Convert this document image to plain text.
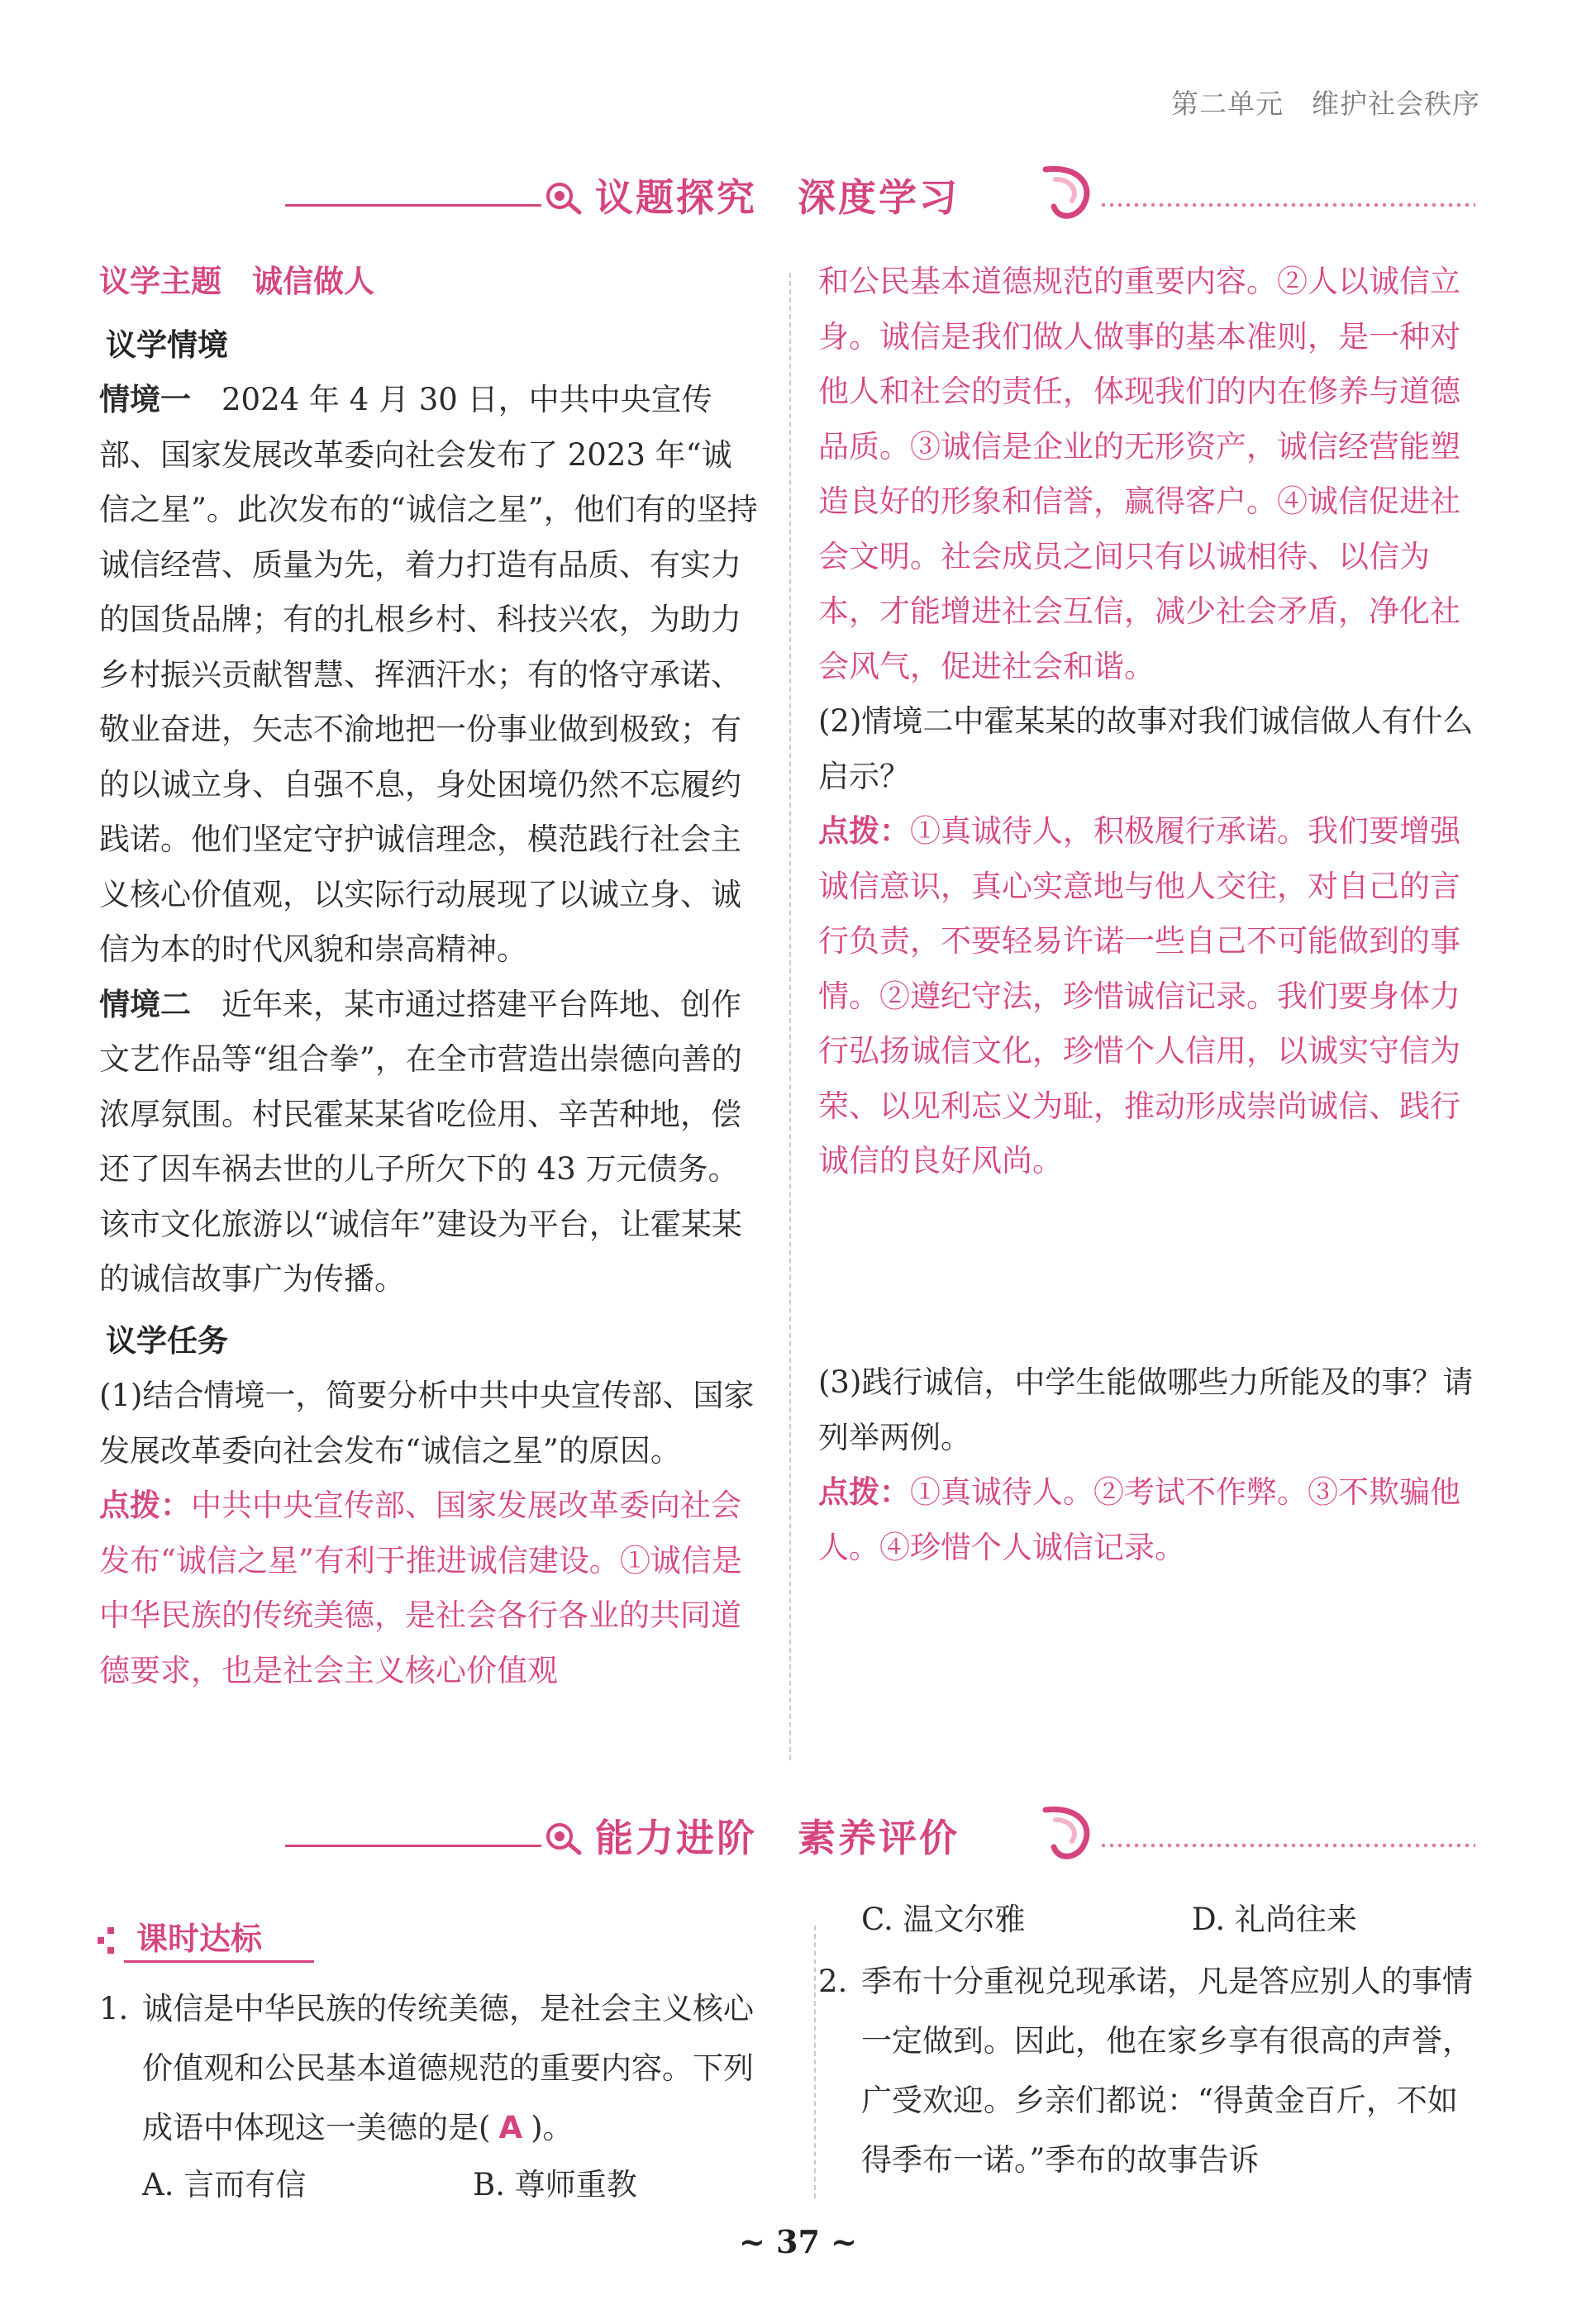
第二单元　维护社会秩序
议题探究　深度学习

议学主题　诚信做人

议学情境

情境一　2024 年 4 月 30 日，中共中央宣传部、国家发展改革委向社会发布了 2023 年“诚信之星”。此次发布的“诚信之星”，他们有的坚持诚信经营、质量为先，着力打造有品质、有实力的国货品牌；有的扎根乡村、科技兴农，为助力乡村振兴贡献智慧、挥洒汗水；有的恪守承诺、敬业奋进，矢志不渝地把一份事业做到极致；有的以诚立身、自强不息，身处困境仍然不忘履约践诺。他们坚定守护诚信理念，模范践行社会主义核心价值观，以实际行动展现了以诚立身、诚信为本的时代风貌和崇高精神。

情境二　近年来，某市通过搭建平台阵地、创作文艺作品等“组合拳”，在全市营造出崇德向善的浓厚氛围。村民霍某某省吃俭用、辛苦种地，偿还了因车祸去世的儿子所欠下的 43 万元债务。该市文化旅游以“诚信年”建设为平台，让霍某某的诚信故事广为传播。

议学任务

(1)结合情境一，简要分析中共中央宣传部、国家发展改革委向社会发布“诚信之星”的原因。

点拨：中共中央宣传部、国家发展改革委向社会发布“诚信之星”有利于推进诚信建设。①诚信是中华民族的传统美德，是社会各行各业的共同道德要求，也是社会主义核心价值观

和公民基本道德规范的重要内容。②人以诚信立身。诚信是我们做人做事的基本准则，是一种对他人和社会的责任，体现我们的内在修养与道德品质。③诚信是企业的无形资产，诚信经营能塑造良好的形象和信誉，赢得客户。④诚信促进社会文明。社会成员之间只有以诚相待、以信为本，才能增进社会互信，减少社会矛盾，净化社会风气，促进社会和谐。

(2)情境二中霍某某的故事对我们诚信做人有什么启示？

点拨：①真诚待人，积极履行承诺。我们要增强诚信意识，真心实意地与他人交往，对自己的言行负责，不要轻易许诺一些自己不可能做到的事情。②遵纪守法，珍惜诚信记录。我们要身体力行弘扬诚信文化，珍惜个人信用，以诚实守信为荣、以见利忘义为耻，推动形成崇尚诚信、践行诚信的良好风尚。

(3)践行诚信，中学生能做哪些力所能及的事？请列举两例。

点拨：①真诚待人。②考试不作弊。③不欺骗他人。④珍惜个人诚信记录。

能力进阶　素养评价
课时达标

1. 诚信是中华民族的传统美德，是社会主义核心价值观和公民基本道德规范的重要内容。下列成语中体现这一美德的是( A )。

A. 言而有信	B. 尊师重教
C. 温文尔雅	D. 礼尚往来

2. 季布十分重视兑现承诺，凡是答应别人的事情一定做到。因此，他在家乡享有很高的声誉，广受欢迎。乡亲们都说：“得黄金百斤，不如得季布一诺。”季布的故事告诉

~ 37 ~
